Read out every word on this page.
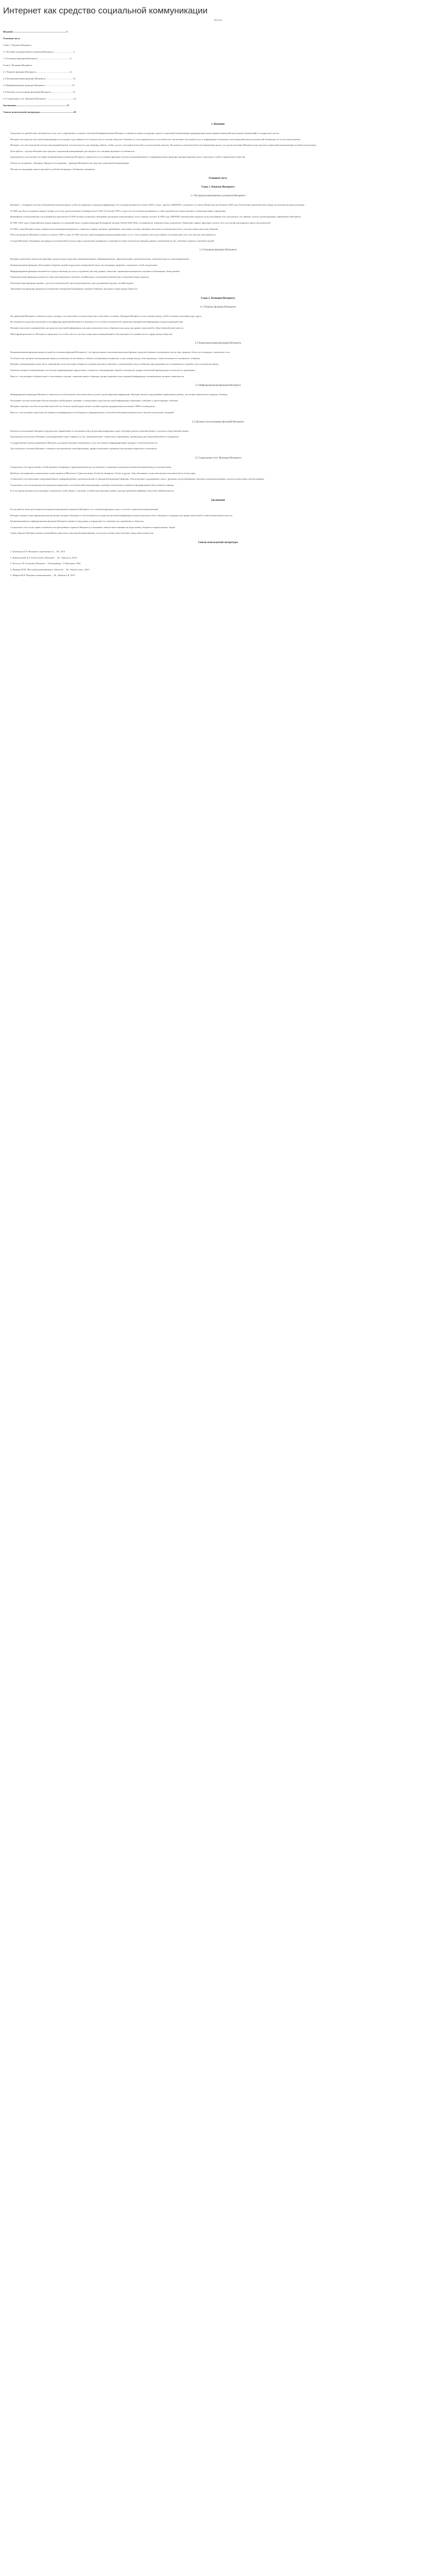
Интернет как средство социальной коммуникации
Введение
Введение..........................................................................................3
Основная часть
Глава 1. Понятие Интернета
1.1 История возникновения и развития Интернета..................................5
1.2 Основные функции Интернета.......................................................8
Глава 2. Функции Интернета
2.1 Понятие функции Интернета.........................................................12
2.2 Коммуникативная функция Интернета...............................................15
2.3 Информационная функция Интернета..............................................18
2.4 Целевое использование функций Интернета.....................................21
2.5 Социальные сети. Функции Интернета...............................................24
Заключение......................................................................................27
Список используемой литературы.........................................................30
1. Введение

Актуальность данной темы заключается в том, что в современных условиях глобальной информатизации Интернет становится одним из ведущих средств социальной коммуникации, формирующих новые формы взаимодействия людей, организаций и государства в целом.

Интернет как средство массовой коммуникации в последние годы занимает все большее место в жизни общества. Значимость сети определяется ее способностью обеспечивать быстрый доступ к информации и возможностью взаимодействия пользователей независимо от их местонахождения.

Интернет стал неотъемлемой частью повседневной жизни: он используется для общения, работы, учебы, досуга, получения новостей и осуществления покупок. Численность пользователей сети непрерывно растет, что делает изучение Интернета как средства социальной коммуникации особенно актуальным.

Цель работы – изучить Интернет как средство социальной коммуникации, рассмотреть его основные функции и особенности.

Задачи работы: рассмотреть историю возникновения и развития Интернета; определить его основные функции; изучить коммуникативную и информационную функции; проанализировать роль социальных сетей в современном обществе.

Объект исследования – Интернет. Предмет исследования – функции Интернета как средства социальной коммуникации.

Методы исследования: анализ научной и учебной литературы, обобщение, сравнение.

Основная часть
Глава 1. Понятие Интернета
1.1 История возникновения и развития Интернета

Интернет – всемирная система объединенных компьютерных сетей для хранения и передачи информации. Его история начинается в конце 1960-х годов с проекта ARPANET, созданного по заказу Министерства обороны США для обеспечения надежной связи между исследовательскими центрами.

В 1969 году были соединены первые четыре узла сети, расположенные в университетах США. В течение 1970-х годов сеть постепенно расширялась, к ней подключались новые научные и образовательные учреждения.

Важнейшим этапом развития стала разработка протоколов TCP/IP, которые позволили объединять различные компьютерные сети в единую систему. В 1983 году ARPANET окончательно перешла на использование этих протоколов, что принято считать датой рождения современного Интернета.

В 1989–1991 годах в Европейском центре ядерных исследований была создана концепция Всемирной паутины (World Wide Web), основанная на гипертекстовых документах. Появление первых браузеров сделало сеть доступной для широкого круга пользователей.

В 1990-е годы Интернет начал стремительно коммерциализироваться: появились первые интернет-провайдеры, поисковые системы, интернет-магазины и электронная почта стала массовым средством общения.

В России развитие Интернета началось в начале 1990-х годов. В 1994 году был зарегистрирован национальный домен .ru, и с этого момента число российских пользователей сети стало быстро увеличиваться.

Сегодня Интернет объединяет миллиарды пользователей по всему миру и продолжает развиваться: появляются новые технологии передачи данных, мобильный доступ, облачные сервисы и интернет вещей.

1.2 Основные функции Интернета

Интернет выполняет множество функций, среди которых выделяют коммуникативную, информационную, образовательную, развлекательную, экономическую и социализирующую.

Коммуникативная функция обеспечивает общение людей посредством электронной почты, мессенджеров, форумов, социальных сетей и видеосвязи.

Информационная функция заключается в предоставлении доступа к огромному массиву данных: новостям, справочным материалам, научным публикациям, базам данных.

Образовательная функция реализуется через дистанционное обучение, онлайн-курсы, электронные библиотеки и образовательные порталы.

Развлекательная функция связана с досугом пользователей: просмотром фильмов, прослушиванием музыки, онлайн-играми.

Экономическая функция проявляется в развитии электронной коммерции, интернет-банкинга, рекламы и новых форм занятости.

Глава 2. Функции Интернета
2.1 Понятие функции Интернета

Под функцией Интернета понимается роль, которую сеть выполняет в жизни общества и отдельного человека. Функции Интернета тесно связаны между собой и взаимно дополняют друг друга.

Исследователи выделяют различные классификации функций Интернета в зависимости от целей пользователей, характера передаваемой информации и форм взаимодействия.

Интернет выступает одновременно как средство массовой информации, как канал межличностного общения и как среда для профессиональной и общественной деятельности.

Многофункциональность Интернета определяет его особое место в системе социальных коммуникаций и обуславливает его влияние на все сферы жизни общества.

2.2 Коммуникативная функция Интернета

Коммуникативная функция является одной из основных функций Интернета. Сеть предоставляет пользователям разнообразные средства общения: электронную почту, чаты, форумы, блоги, мессенджеры, социальные сети.

Особенностью интернет-коммуникации является возможность мгновенного обмена сообщениями независимо от расстояния между собеседниками, а также возможность анонимного общения.

Интернет-коммуникация может быть синхронной, когда участники общаются в режиме реального времени, и асинхронной, когда сообщения просматриваются и отправляются в удобное для пользователя время.

Развитие интернет-коммуникации способствует формированию виртуальных сообществ, объединяющих людей по интересам, профессиональной принадлежности или месту проживания.

Вместе с тем интернет-общение имеет и негативные стороны: снижение живого общения, распространение недостоверной информации, возникновение интернет-зависимости.

2.3 Информационная функция Интернета

Информационная функция Интернета заключается в обеспечении пользователей доступом к разнообразной информации. Интернет является крупнейшим хранилищем данных, доступных практически каждому человеку.

Поисковые системы позволяют быстро находить необходимые сведения, а электронные средства массовой информации оперативно сообщают о происходящих событиях.

Интернет изменил способы получения новостей: все больше людей предпочитают онлайн-издания традиционным печатным СМИ и телевидению.

Вместе с тем возникает проблема достоверности информации и необходимость формирования у пользователей навыков критического анализа получаемых сведений.

2.4 Целевое использование функций Интернета

Целевое использование Интернета предполагает применение его возможностей для решения конкретных задач: обучения, работы, ведения бизнеса, участия в общественной жизни.

Организации используют Интернет для продвижения своих товаров и услуг, взаимодействия с клиентами и партнерами, организации дистанционной работы сотрудников.

Государственные органы применяют Интернет для предоставления электронных услуг населению и информирования граждан о своей деятельности.

Для отдельного человека Интернет становится инструментом самообразования, профессионального развития и реализации творческого потенциала.

2.5 Социальные сети. Функции Интернета

Социальные сети представляют собой интернет-платформы, предназначенные для построения и отражения социальных взаимоотношений между пользователями.

Наиболее популярными социальными сетями являются ВКонтакте, Одноклассники, Facebook, Instagram, Twitter и другие. Они объединяют сотни миллионов пользователей по всему миру.

Социальные сети выполняют коммуникативную, информационную, развлекательную и самопрезентационную функции. Они позволяют поддерживать связь с друзьями и родственниками, находить единомышленников, делиться новостями и впечатлениями.

Социальные сети стали важным инструментом маркетинга и политической коммуникации, оказывая значительное влияние на формирование общественного мнения.

В то же время активное использование социальных сетей связано с рисками: утечкой персональных данных, распространением фейковых новостей, кибербуллингом.

Заключение

В ходе работы были рассмотрены история возникновения и развития Интернета, его основные функции и роль в системе социальных коммуникаций.

Интернет является многофункциональной средой, которая объединяет в себе возможности средства массовой информации, канала межличностного общения и площадки для профессиональной и общественной деятельности.

Коммуникативная и информационная функции Интернета являются ведущими и определяют его значение для современного общества.

Социальные сети стали одним из наиболее востребованных сервисов Интернета и оказывают значительное влияние на образ жизни, общение и мировоззрение людей.

Таким образом, Интернет является важнейшим средством социальной коммуникации, и его роль в жизни общества будет продолжать возрастать.

Список используемой литературы

1. Белинская Е.П. Интернет и идентичность. – М., 2013.

2. Войскунский А.Е. Психология и Интернет. – М.: Акрополь, 2010.

3. Кастельс М. Галактика Интернет. – Екатеринбург: У-Фактория, 2004.

4. Назаров М.М. Массовая коммуникация и общество. – М.: Аванти плюс, 2010.

5. Шарков Ф.И. Интернет-коммуникации. – М.: Дашков и К, 2015.
